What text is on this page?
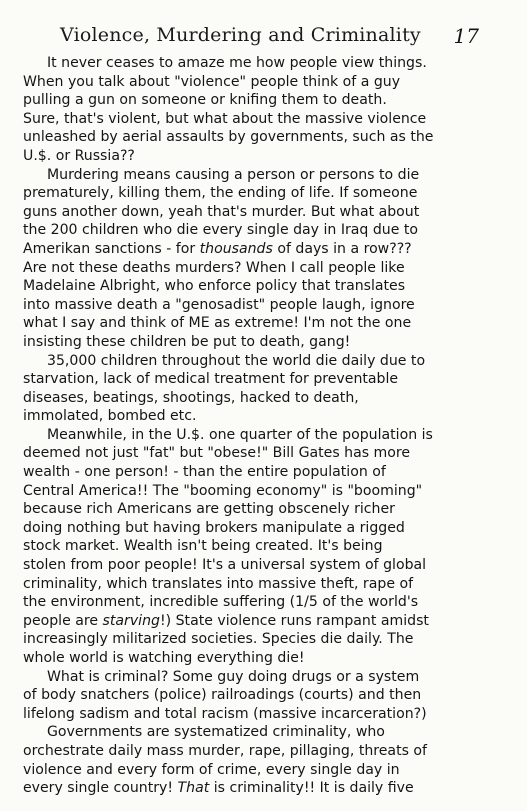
Violence, Murdering and Criminality 17
It never ceases to amaze me how people view things.
When you talk about "violence" people think of a guy
pulling a gun on someone or knifing them to death.
Sure, that's violent, but what about the massive violence
unleashed by aerial assaults by governments, such as the
U.$. or Russia??
Murdering means causing a person or persons to die
prematurely, killing them, the ending of life. If someone
guns another down, yeah that's murder. But what about
the 200 children who die every single day in Iraq due to
Amerikan sanctions - for thousands of days in a row???
Are not these deaths murders? When I call people like
Madelaine Albright, who enforce policy that translates
into massive death a "genosadist" people laugh, ignore
what I say and think of ME as extreme! I'm not the one
insisting these children be put to death, gang!
35,000 children throughout the world die daily due to
starvation, lack of medical treatment for preventable
diseases, beatings, shootings, hacked to death,
immolated, bombed etc.
Meanwhile, in the U.$. one quarter of the population is
deemed not just "fat" but "obese!" Bill Gates has more
wealth - one person! - than the entire population of
Central America!! The "booming economy" is "booming"
because rich Americans are getting obscenely richer
doing nothing but having brokers manipulate a rigged
stock market. Wealth isn't being created. It's being
stolen from poor people! It's a universal system of global
criminality, which translates into massive theft, rape of
the environment, incredible suffering (1/5 of the world's
people are starving!) State violence runs rampant amidst
increasingly militarized societies. Species die daily. The
whole world is watching everything die!
What is criminal? Some guy doing drugs or a system
of body snatchers (police) railroadings (courts) and then
lifelong sadism and total racism (massive incarceration?)
Governments are systematized criminality, who
orchestrate daily mass murder, rape, pillaging, threats of
violence and every form of crime, every single day in
every single country! That is criminality!! It is daily five
